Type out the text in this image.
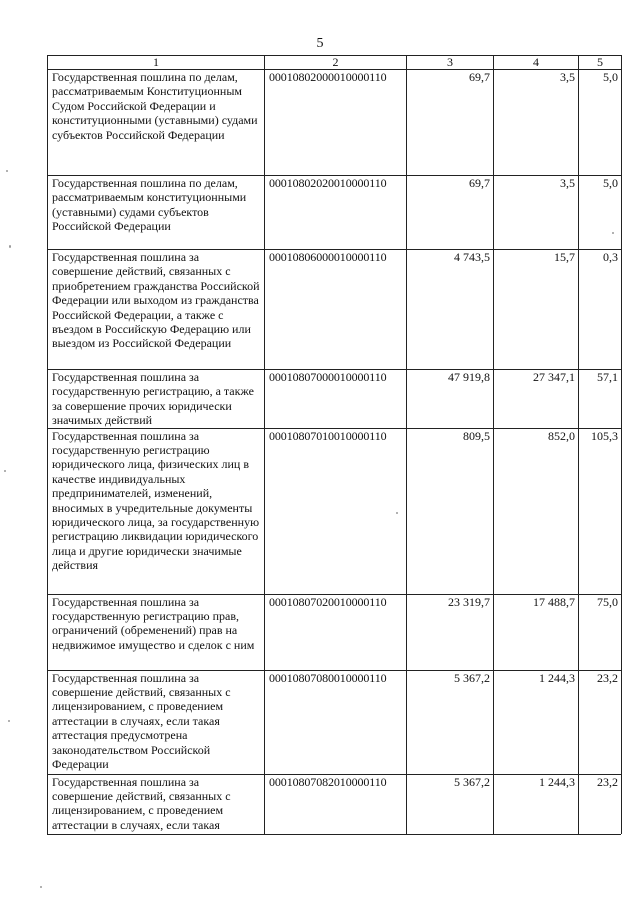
5
1	2	3	4	5
Государственная пошлина по делам, рассматриваемым Конституционным Судом Российской Федерации и конституционными (уставными) судами субъектов Российской Федерации	00010802000010000110	69,7	3,5	5,0
Государственная пошлина по делам, рассматриваемым конституционными (уставными) судами субъектов Российской Федерации	00010802020010000110	69,7	3,5	5,0
Государственная пошлина за совершение действий, связанных с приобретением гражданства Российской Федерации или выходом из гражданства Российской Федерации, а также с въездом в Российскую Федерацию или выездом из Российской Федерации	00010806000010000110	4 743,5	15,7	0,3
Государственная пошлина за государственную регистрацию, а также за совершение прочих юридически значимых действий	00010807000010000110	47 919,8	27 347,1	57,1
Государственная пошлина за государственную регистрацию юридического лица, физических лиц в качестве индивидуальных предпринимателей, изменений, вносимых в учредительные документы юридического лица, за государственную регистрацию ликвидации юридического лица и другие юридически значимые действия	00010807010010000110	809,5	852,0	105,3
Государственная пошлина за государственную регистрацию прав, ограничений (обременений) прав на недвижимое имущество и сделок с ним	00010807020010000110	23 319,7	17 488,7	75,0
Государственная пошлина за совершение действий, связанных с лицензированием, с проведением аттестации в случаях, если такая аттестация предусмотрена законодательством Российской Федерации	00010807080010000110	5 367,2	1 244,3	23,2
Государственная пошлина за совершение действий, связанных с лицензированием, с проведением аттестации в случаях, если такая	00010807082010000110	5 367,2	1 244,3	23,2
